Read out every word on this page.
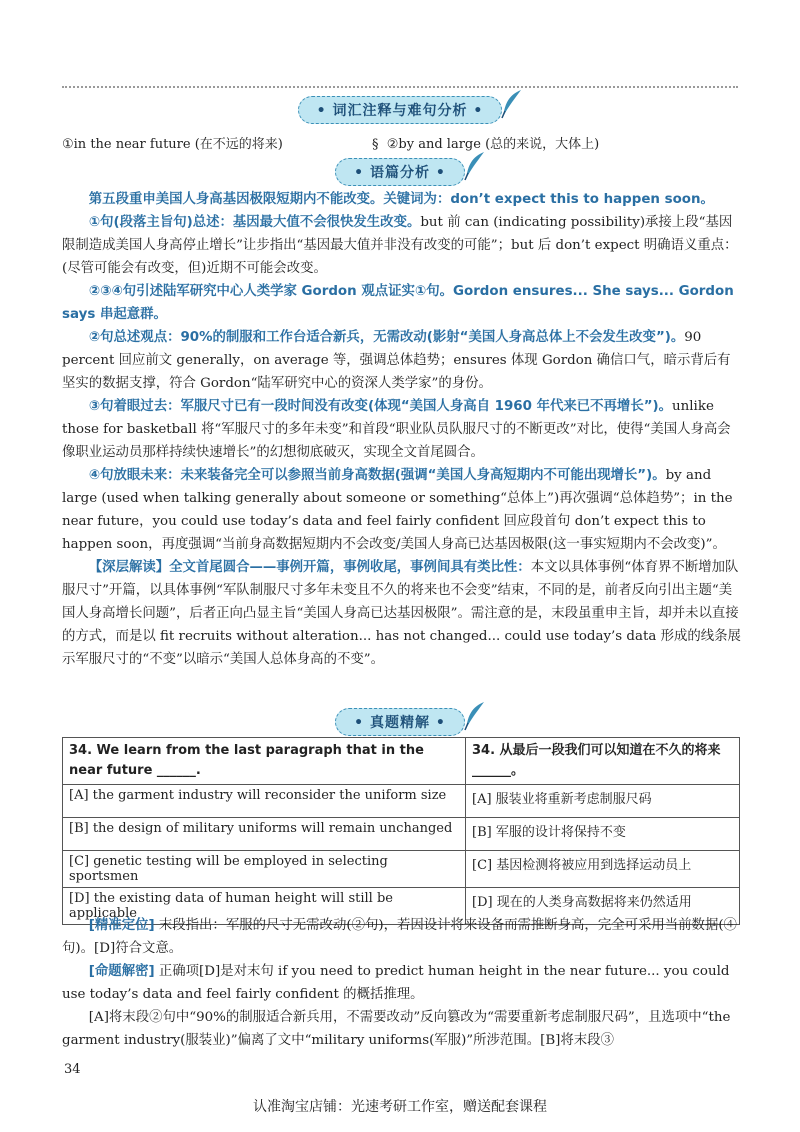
• 词汇注释与难句分析 •
①in the near future (在不远的将来)	§ ②by and large (总的来说，大体上)
• 语篇分析 •

第五段重申美国人身高基因极限短期内不能改变。关键词为：don’t expect this to happen soon。

①句(段落主旨句)总述：基因最大值不会很快发生改变。but 前 can (indicating possibility)承接上段“基因限制造成美国人身高停止增长”让步指出“基因最大值并非没有改变的可能”；but 后 don’t expect 明确语义重点：(尽管可能会有改变，但)近期不可能会改变。

②③④句引述陆军研究中心人类学家 Gordon 观点证实①句。Gordon ensures... She says... Gordon says 串起意群。

②句总述观点：90%的制服和工作台适合新兵，无需改动(影射“美国人身高总体上不会发生改变”)。90 percent 回应前文 generally，on average 等，强调总体趋势；ensures 体现 Gordon 确信口气，暗示背后有坚实的数据支撑，符合 Gordon“陆军研究中心的资深人类学家”的身份。

③句着眼过去：军服尺寸已有一段时间没有改变(体现“美国人身高自 1960 年代来已不再增长”)。unlike those for basketball 将“军服尺寸的多年未变”和首段“职业队员队服尺寸的不断更改”对比，使得“美国人身高会像职业运动员那样持续快速增长”的幻想彻底破灭，实现全文首尾圆合。

④句放眼未来：未来装备完全可以参照当前身高数据(强调“美国人身高短期内不可能出现增长”)。by and large (used when talking generally about someone or something“总体上”)再次强调“总体趋势”；in the near future，you could use today’s data and feel fairly confident 回应段首句 don’t expect this to happen soon，再度强调“当前身高数据短期内不会改变/美国人身高已达基因极限(这一事实短期内不会改变)”。

【深层解读】全文首尾圆合——事例开篇，事例收尾，事例间具有类比性：本文以具体事例“体育界不断增加队服尺寸”开篇，以具体事例“军队制服尺寸多年未变且不久的将来也不会变”结束，不同的是，前者反向引出主题“美国人身高增长问题”，后者正向凸显主旨“美国人身高已达基因极限”。需注意的是，末段虽重申主旨，却并未以直接的方式，而是以 fit recruits without alteration... has not changed... could use today’s data 形成的线条展示军服尺寸的“不变”以暗示“美国人总体身高的不变”。

• 真题精解 •
34. We learn from the last paragraph that in the near future ______.	34. 从最后一段我们可以知道在不久的将来______。
[A] the garment industry will reconsider the uniform size	[A] 服装业将重新考虑制服尺码
[B] the design of military uniforms will remain unchanged	[B] 军服的设计将保持不变
[C] genetic testing will be employed in selecting sportsmen	[C] 基因检测将被应用到选择运动员上
[D] the existing data of human height will still be applicable	[D] 现在的人类身高数据将来仍然适用

[精准定位] 末段指出：军服的尺寸无需改动(②句)，若因设计将来设备而需推断身高，完全可采用当前数据(④句)。[D]符合文意。

[命题解密] 正确项[D]是对末句 if you need to predict human height in the near future... you could use today’s data and feel fairly confident 的概括推理。

[A]将末段②句中“90%的制服适合新兵用，不需要改动”反向篡改为“需要重新考虑制服尺码”，且选项中“the garment industry(服装业)”偏离了文中“military uniforms(军服)”所涉范围。[B]将末段③

34
认准淘宝店铺：光速考研工作室，赠送配套课程
